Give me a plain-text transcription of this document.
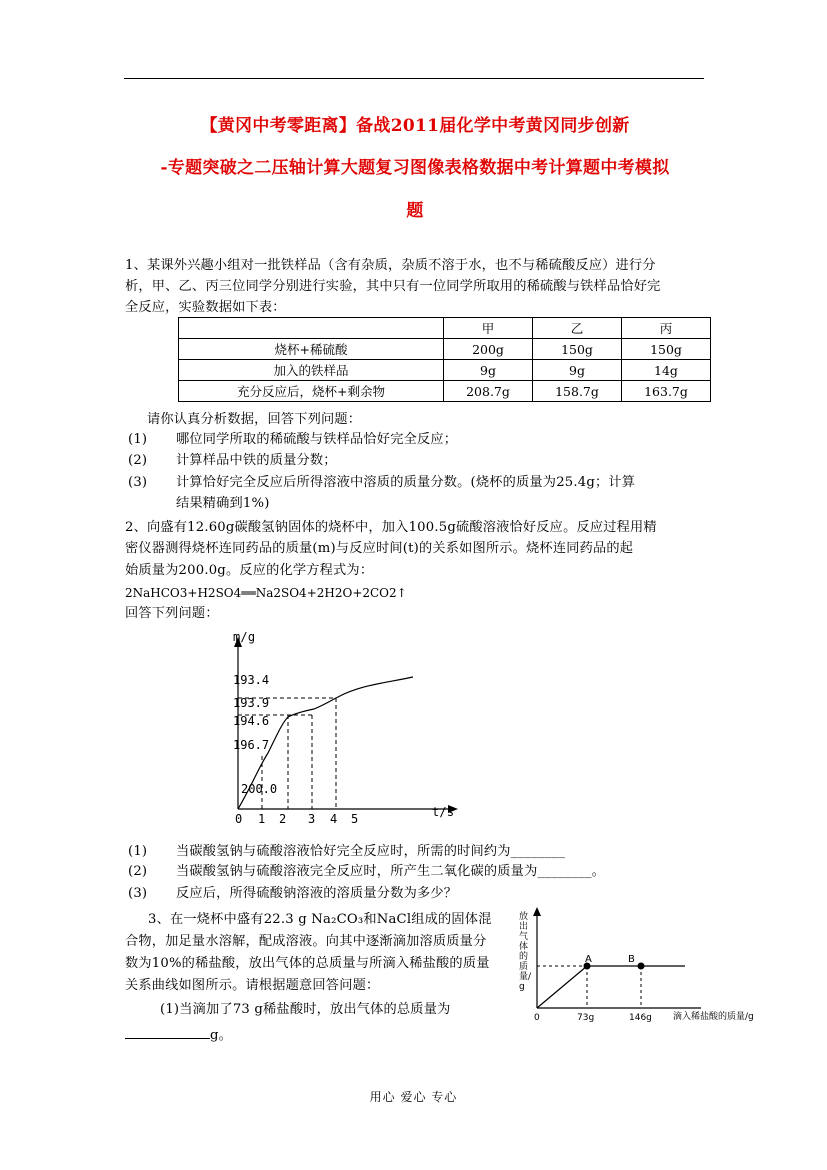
【黄冈中考零距离】备战2011届化学中考黄冈同步创新
-专题突破之二压轴计算大题复习图像表格数据中考计算题中考模拟
题
1、某课外兴趣小组对一批铁样品（含有杂质，杂质不溶于水，也不与稀硫酸反应）进行分
析，甲、乙、丙三位同学分别进行实验，其中只有一位同学所取用的稀硫酸与铁样品恰好完
全反应，实验数据如下表：
	甲	乙	丙
烧杯+稀硫酸	200g	150g	150g
加入的铁样品	9g	9g	14g
充分反应后，烧杯+剩余物	208.7g	158.7g	163.7g
请你认真分析数据，回答下列问题：
(1) 哪位同学所取的稀硫酸与铁样品恰好完全反应；
(2) 计算样品中铁的质量分数；
(3) 计算恰好完全反应后所得溶液中溶质的质量分数。(烧杯的质量为25.4g；计算
结果精确到1%)
2、向盛有12.60g碳酸氢钠固体的烧杯中，加入100.5g硫酸溶液恰好反应。反应过程用精
密仪器测得烧杯连同药品的质量(m)与反应时间(t)的关系如图所示。烧杯连同药品的起
始质量为200.0g。反应的化学方程式为：
2NaHCO3+H2SO4══Na2SO4+2H2O+2CO2↑
回答下列问题：
193.4
193.9
194.6
196.7
200.0
0 1 2 3 4 5
m/g
t/s
(1) 当碳酸氢钠与硫酸溶液恰好完全反应时，所需的时间约为________
(2) 当碳酸氢钠与硫酸溶液完全反应时，所产生二氧化碳的质量为________。
(3) 反应后，所得硫酸钠溶液的溶质量分数为多少？
3、在一烧杯中盛有22.3 g Na₂CO₃和NaCl组成的固体混
合物，加足量水溶解，配成溶液。向其中逐渐滴加溶质质量分
数为10%的稀盐酸，放出气体的总质量与所滴入稀盐酸的质量
关系曲线如图所示。请根据题意回答问题：
(1)当滴加了73 g稀盐酸时，放出气体的总质量为
g。
A	B
0	73g	146g 滴入稀盐酸的质量/g
放出气体的质量/g
用心 爱心 专心
